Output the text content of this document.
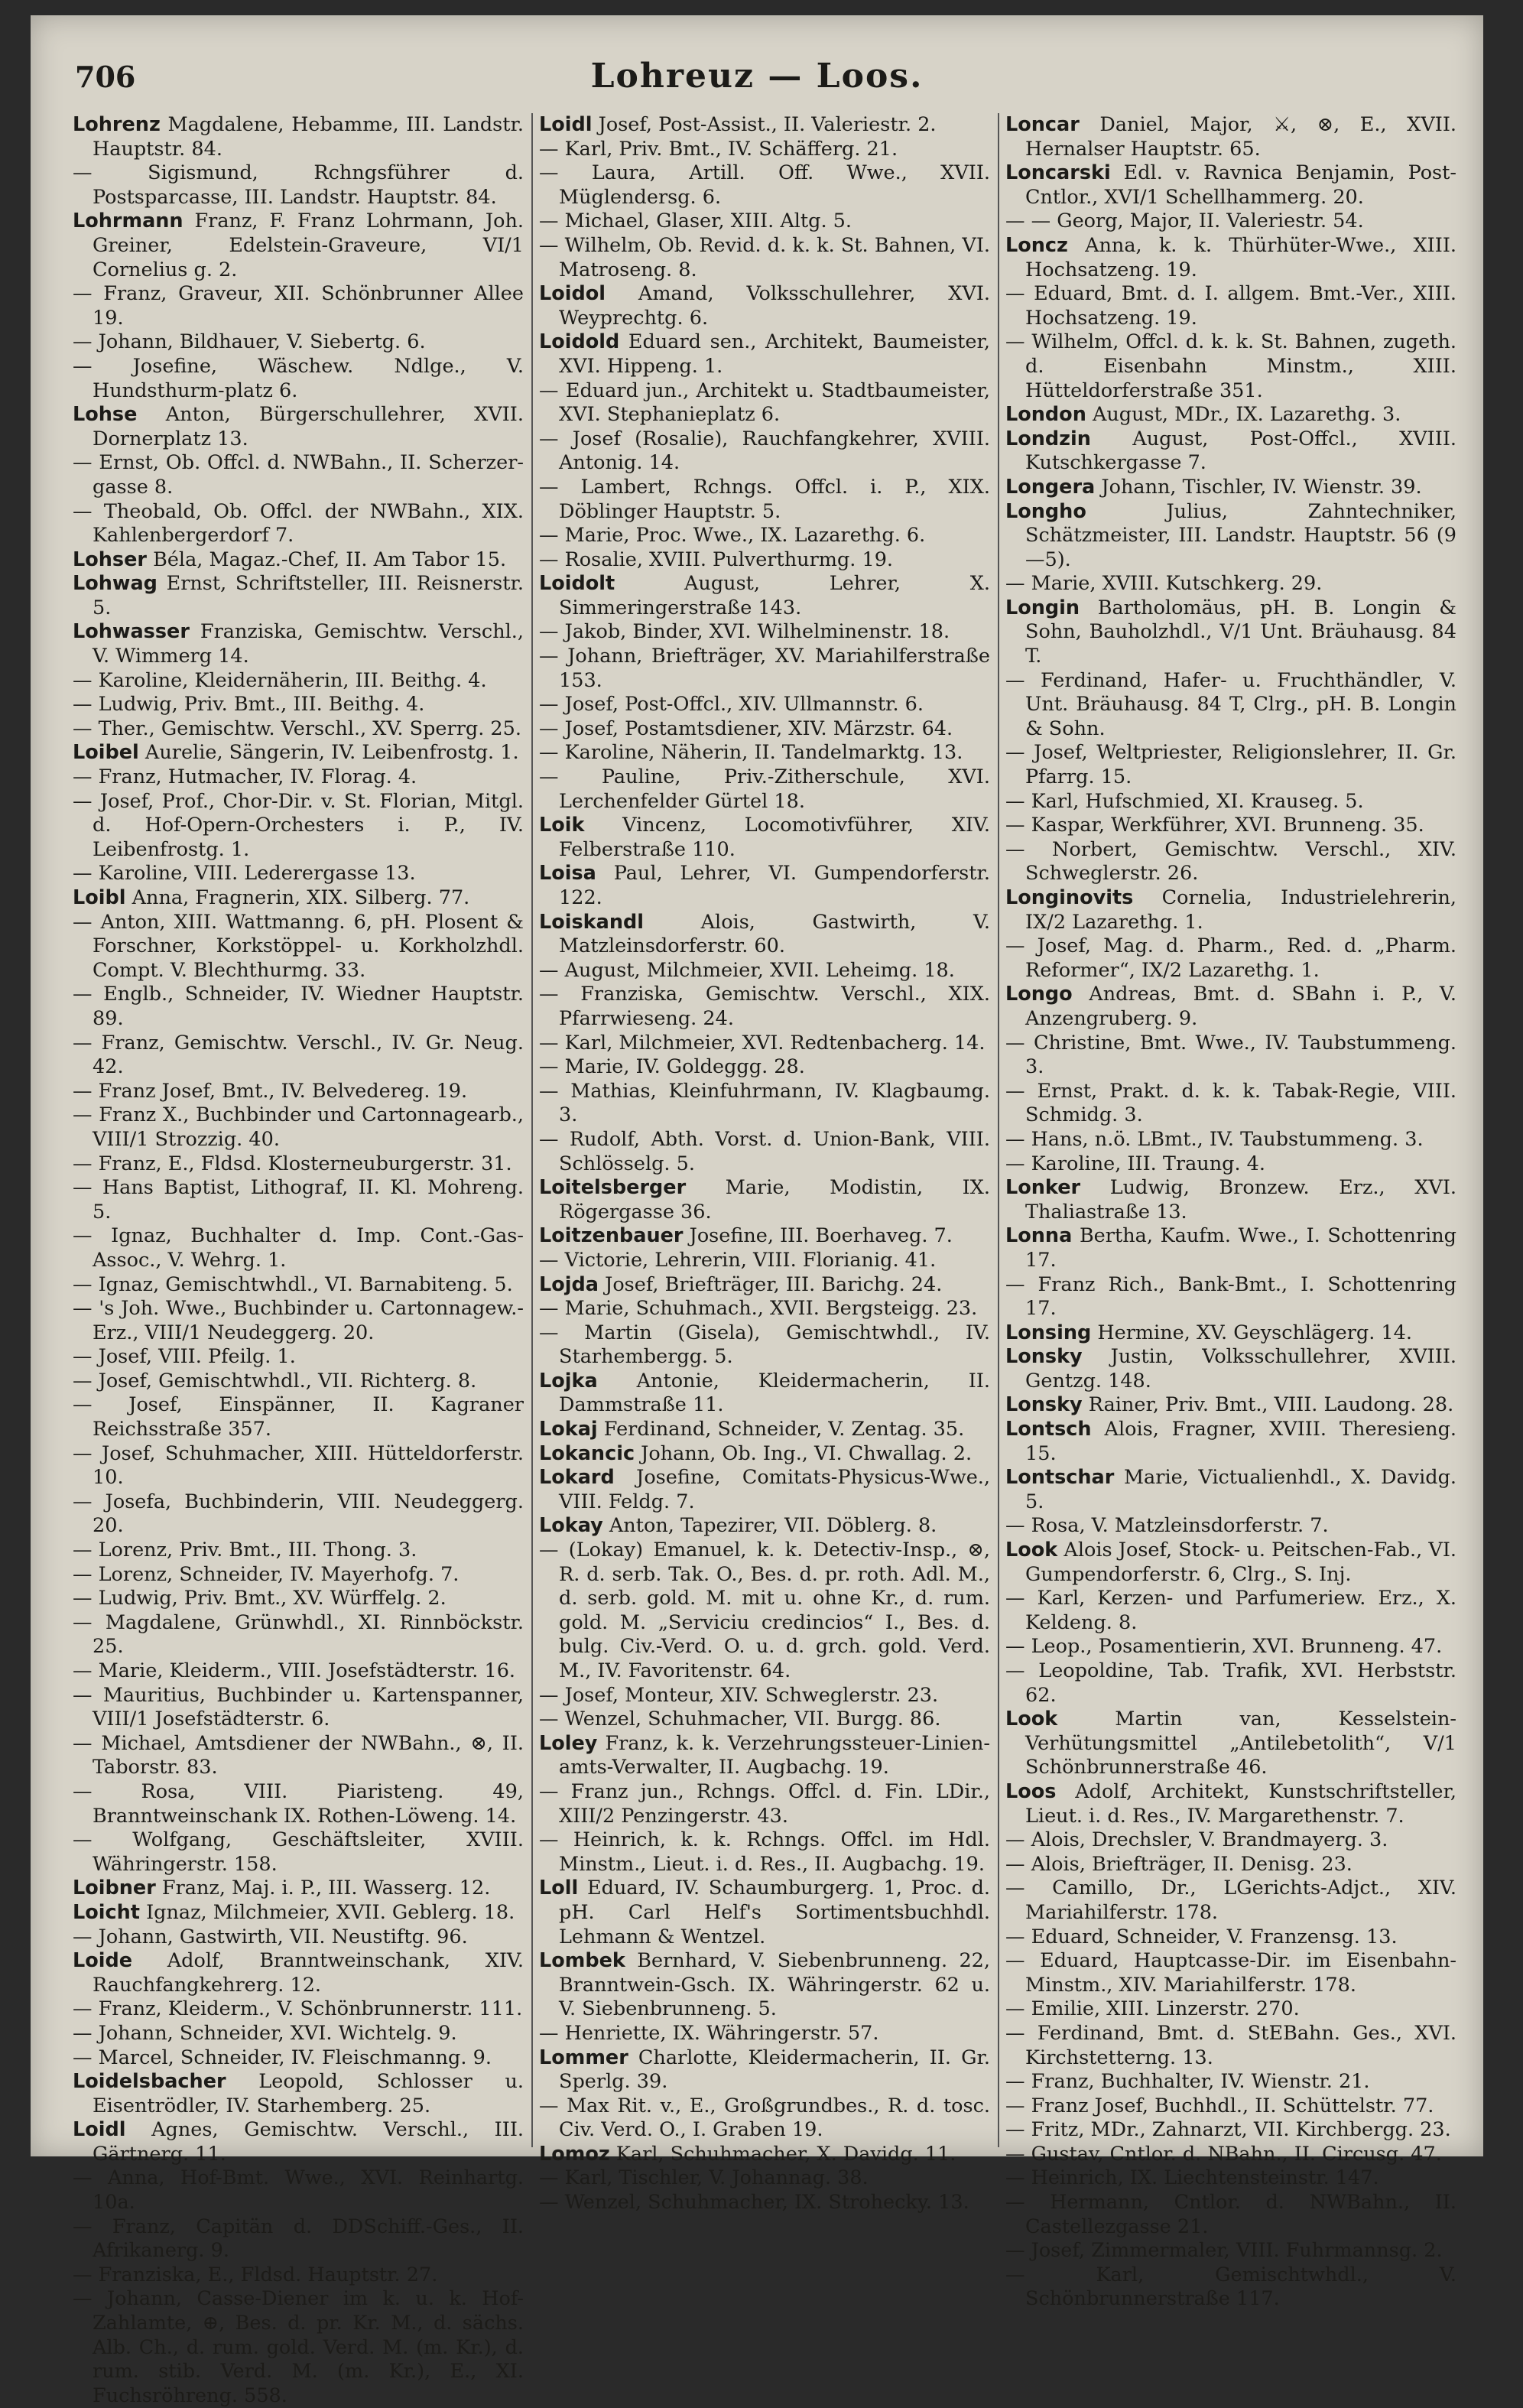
706	Lohreuz — Loos.
Lohrenz Magdalene, Hebamme, III. Landstr. Hauptstr. 84.
— Sigismund, Rchngsführer d. Postsparcasse, III. Landstr. Hauptstr. 84.
Lohrmann Franz, F. Franz Lohrmann, Joh. Greiner, Edelstein-Graveure, VI/1 Cornelius g. 2.
— Franz, Graveur, XII. Schönbrunner Allee 19.
— Johann, Bildhauer, V. Siebertg. 6.
— Josefine, Wäschew. Ndlge., V. Hundsthurm-platz 6.
Lohse Anton, Bürgerschullehrer, XVII. Dornerplatz 13.
— Ernst, Ob. Offcl. d. NWBahn., II. Scherzer-gasse 8.
— Theobald, Ob. Offcl. der NWBahn., XIX. Kahlenbergerdorf 7.
Lohser Béla, Magaz.-Chef, II. Am Tabor 15.
Lohwag Ernst, Schriftsteller, III. Reisnerstr. 5.
Lohwasser Franziska, Gemischtw. Verschl., V. Wimmerg 14.
— Karoline, Kleidernäherin, III. Beithg. 4.
— Ludwig, Priv. Bmt., III. Beithg. 4.
— Ther., Gemischtw. Verschl., XV. Sperrg. 25.
Loibel Aurelie, Sängerin, IV. Leibenfrostg. 1.
— Franz, Hutmacher, IV. Florag. 4.
— Josef, Prof., Chor-Dir. v. St. Florian, Mitgl. d. Hof-Opern-Orchesters i. P., IV. Leibenfrostg. 1.
— Karoline, VIII. Lederergasse 13.
Loibl Anna, Fragnerin, XIX. Silberg. 77.
— Anton, XIII. Wattmanng. 6, pH. Plosent & Forschner, Korkstöppel- u. Korkholzhdl. Compt. V. Blechthurmg. 33.
— Englb., Schneider, IV. Wiedner Hauptstr. 89.
— Franz, Gemischtw. Verschl., IV. Gr. Neug. 42.
— Franz Josef, Bmt., IV. Belvedereg. 19.
— Franz X., Buchbinder und Cartonnagearb., VIII/1 Strozzig. 40.
— Franz, E., Fldsd. Klosterneuburgerstr. 31.
— Hans Baptist, Lithograf, II. Kl. Mohreng. 5.
— Ignaz, Buchhalter d. Imp. Cont.-Gas-Assoc., V. Wehrg. 1.
— Ignaz, Gemischtwhdl., VI. Barnabiteng. 5.
— 's Joh. Wwe., Buchbinder u. Cartonnagew.-Erz., VIII/1 Neudeggerg. 20.
— Josef, VIII. Pfeilg. 1.
— Josef, Gemischtwhdl., VII. Richterg. 8.
— Josef, Einspänner, II. Kagraner Reichsstraße 357.
— Josef, Schuhmacher, XIII. Hütteldorferstr. 10.
— Josefa, Buchbinderin, VIII. Neudeggerg. 20.
— Lorenz, Priv. Bmt., III. Thong. 3.
— Lorenz, Schneider, IV. Mayerhofg. 7.
— Ludwig, Priv. Bmt., XV. Würffelg. 2.
— Magdalene, Grünwhdl., XI. Rinnböckstr. 25.
— Marie, Kleiderm., VIII. Josefstädterstr. 16.
— Mauritius, Buchbinder u. Kartenspanner, VIII/1 Josefstädterstr. 6.
— Michael, Amtsdiener der NWBahn., ⊗, II. Taborstr. 83.
— Rosa, VIII. Piaristeng. 49, Branntweinschank IX. Rothen-Löweng. 14.
— Wolfgang, Geschäftsleiter, XVIII. Währingerstr. 158.
Loibner Franz, Maj. i. P., III. Wasserg. 12.
Loicht Ignaz, Milchmeier, XVII. Geblerg. 18.
— Johann, Gastwirth, VII. Neustiftg. 96.
Loide Adolf, Branntweinschank, XIV. Rauchfangkehrerg. 12.
— Franz, Kleiderm., V. Schönbrunnerstr. 111.
— Johann, Schneider, XVI. Wichtelg. 9.
— Marcel, Schneider, IV. Fleischmanng. 9.
Loidelsbacher Leopold, Schlosser u. Eisentrödler, IV. Starhemberg. 25.
Loidl Agnes, Gemischtw. Verschl., III. Gärtnerg. 11.
— Anna, Hof-Bmt. Wwe., XVI. Reinhartg. 10a.
— Franz, Capitän d. DDSchiff.-Ges., II. Afrikanerg. 9.
— Franziska, E., Fldsd. Hauptstr. 27.
— Johann, Casse-Diener im k. u. k. Hof-Zahlamte, ⊕, Bes. d. pr. Kr. M., d. sächs. Alb. Ch., d. rum. gold. Verd. M. (m. Kr.), d. rum. stib. Verd. M. (m. Kr.), E., XI. Fuchsröhreng. 558.
Loidl Josef, Post-Assist., II. Valeriestr. 2.
— Karl, Priv. Bmt., IV. Schäfferg. 21.
— Laura, Artill. Off. Wwe., XVII. Müglendersg. 6.
— Michael, Glaser, XIII. Altg. 5.
— Wilhelm, Ob. Revid. d. k. k. St. Bahnen, VI. Matroseng. 8.
Loidol Amand, Volksschullehrer, XVI. Weyprechtg. 6.
Loidold Eduard sen., Architekt, Baumeister, XVI. Hippeng. 1.
— Eduard jun., Architekt u. Stadtbaumeister, XVI. Stephanieplatz 6.
— Josef (Rosalie), Rauchfangkehrer, XVIII. Antonig. 14.
— Lambert, Rchngs. Offcl. i. P., XIX. Döblinger Hauptstr. 5.
— Marie, Proc. Wwe., IX. Lazarethg. 6.
— Rosalie, XVIII. Pulverthurmg. 19.
Loidolt	August, Lehrer, X. Simmeringerstraße 143.
— Jakob, Binder, XVI. Wilhelminenstr. 18.
— Johann, Briefträger, XV. Mariahilferstraße 153.
— Josef, Post-Offcl., XIV. Ullmannstr. 6.
— Josef, Postamtsdiener, XIV. Märzstr. 64.
— Karoline, Näherin, II. Tandelmarktg. 13.
— Pauline, Priv.-Zitherschule, XVI. Lerchenfelder Gürtel 18.
Loik Vincenz, Locomotivführer, XIV. Felberstraße 110.
Loisa Paul, Lehrer, VI. Gumpendorferstr. 122.
Loiskandl	Alois, Gastwirth, V. Matzleinsdorferstr. 60.
— August, Milchmeier, XVII. Leheimg. 18.
— Franziska, Gemischtw. Verschl., XIX. Pfarrwieseng. 24.
— Karl, Milchmeier, XVI. Redtenbacherg. 14.
— Marie, IV. Goldeggg. 28.
— Mathias, Kleinfuhrmann, IV. Klagbaumg. 3.
— Rudolf, Abth. Vorst. d. Union-Bank, VIII. Schlösselg. 5.
Loitelsberger Marie, Modistin, IX. Rögergasse 36.
Loitzenbauer Josefine, III. Boerhaveg. 7.
— Victorie, Lehrerin, VIII. Florianig. 41.
Lojda Josef, Briefträger, III. Barichg. 24.
— Marie, Schuhmach., XVII. Bergsteigg. 23.
— Martin (Gisela), Gemischtwhdl., IV. Starhembergg. 5.
Lojka Antonie, Kleidermacherin, II. Dammstraße 11.
Lokaj Ferdinand, Schneider, V. Zentag. 35.
Lokancic Johann, Ob. Ing., VI. Chwallag. 2.
Lokard Josefine, Comitats-Physicus-Wwe., VIII. Feldg. 7.
Lokay Anton, Tapezirer, VII. Döblerg. 8.
— (Lokay) Emanuel, k. k. Detectiv-Insp., ⊗, R. d. serb. Tak. O., Bes. d. pr. roth. Adl. M., d. serb. gold. M. mit u. ohne Kr., d. rum. gold. M. „Serviciu credincios“ I., Bes. d. bulg. Civ.-Verd. O. u. d. grch. gold. Verd. M., IV. Favoritenstr. 64.
— Josef, Monteur, XIV. Schweglerstr. 23.
— Wenzel, Schuhmacher, VII. Burgg. 86.
Loley Franz, k. k. Verzehrungssteuer-Linien-amts-Verwalter, II. Augbachg. 19.
— Franz jun., Rchngs. Offcl. d. Fin. LDir., XIII/2 Penzingerstr. 43.
— Heinrich, k. k. Rchngs. Offcl. im Hdl. Minstm., Lieut. i. d. Res., II. Augbachg. 19.
Loll Eduard, IV. Schaumburgerg. 1, Proc. d. pH. Carl Helf's Sortimentsbuchhdl. Lehmann & Wentzel.
Lombek Bernhard, V. Siebenbrunneng. 22, Branntwein-Gsch. IX. Währingerstr. 62 u. V. Siebenbrunneng. 5.
— Henriette, IX. Währingerstr. 57.
Lommer Charlotte, Kleidermacherin, II. Gr. Sperlg. 39.
— Max Rit. v., E., Großgrundbes., R. d. tosc. Civ. Verd. O., I. Graben 19.
Lomoz Karl, Schuhmacher, X. Davidg. 11.
— Karl, Tischler, V. Johannag. 38.
— Wenzel, Schuhmacher, IX. Strohecky. 13.
Loncar Daniel, Major, ⚔, ⊗, E., XVII. Hernalser Hauptstr. 65.
Loncarski Edl. v. Ravnica Benjamin, Post-Cntlor., XVI/1 Schellhammerg. 20.
— — Georg, Major, II. Valeriestr. 54.
Loncz Anna, k. k. Thürhüter-Wwe., XIII. Hochsatzeng. 19.
— Eduard, Bmt. d. I. allgem. Bmt.-Ver., XIII. Hochsatzeng. 19.
— Wilhelm, Offcl. d. k. k. St. Bahnen, zugeth. d. Eisenbahn Minstm., XIII. Hütteldorferstraße 351.
London August, MDr., IX. Lazarethg. 3.
Londzin August, Post-Offcl., XVIII. Kutschkergasse 7.
Longera Johann, Tischler, IV. Wienstr. 39.
Longho	Julius, Zahntechniker, Schätzmeister, III. Landstr. Hauptstr. 56 (9—5).
— Marie, XVIII. Kutschkerg. 29.
Longin Bartholomäus, pH. B. Longin & Sohn, Bauholzhdl., V/1 Unt. Bräuhausg. 84 T.
— Ferdinand, Hafer- u. Fruchthändler, V. Unt. Bräuhausg. 84 T, Clrg., pH. B. Longin & Sohn.
— Josef, Weltpriester, Religionslehrer, II. Gr. Pfarrg. 15.
— Karl, Hufschmied, XI. Krauseg. 5.
— Kaspar, Werkführer, XVI. Brunneng. 35.
— Norbert, Gemischtw. Verschl., XIV. Schweglerstr. 26.
Longinovits Cornelia, Industrielehrerin, IX/2 Lazarethg. 1.
— Josef, Mag. d. Pharm., Red. d. „Pharm. Reformer“, IX/2 Lazarethg. 1.
Longo Andreas, Bmt. d. SBahn i. P., V. Anzengruberg. 9.
— Christine, Bmt. Wwe., IV. Taubstummeng. 3.
— Ernst, Prakt. d. k. k. Tabak-Regie, VIII. Schmidg. 3.
— Hans, n.ö. LBmt., IV. Taubstummeng. 3.
— Karoline, III. Traung. 4.
Lonker Ludwig, Bronzew. Erz., XVI. Thaliastraße 13.
Lonna Bertha, Kaufm. Wwe., I. Schottenring 17.
— Franz Rich., Bank-Bmt., I. Schottenring 17.
Lonsing Hermine, XV. Geyschlägerg. 14.
Lonsky Justin, Volksschullehrer, XVIII. Gentzg. 148.
Lonsky Rainer, Priv. Bmt., VIII. Laudong. 28.
Lontsch Alois, Fragner, XVIII. Theresieng. 15.
Lontschar Marie, Victualienhdl., X. Davidg. 5.
— Rosa, V. Matzleinsdorferstr. 7.
Look Alois Josef, Stock- u. Peitschen-Fab., VI. Gumpendorferstr. 6, Clrg., S. Inj.
— Karl, Kerzen- und Parfumeriew. Erz., X. Keldeng. 8.
— Leop., Posamentierin, XVI. Brunneng. 47.
— Leopoldine, Tab. Trafik, XVI. Herbststr. 62.
Look	Martin van, Kesselstein-Verhütungsmittel „Antilebetolith“, V/1 Schönbrunnerstraße 46.
Loos Adolf, Architekt, Kunstschriftsteller, Lieut. i. d. Res., IV. Margarethenstr. 7.
— Alois, Drechsler, V. Brandmayerg. 3.
— Alois, Briefträger, II. Denisg. 23.
— Camillo, Dr., LGerichts-Adjct., XIV. Mariahilferstr. 178.
— Eduard, Schneider, V. Franzensg. 13.
— Eduard, Hauptcasse-Dir. im Eisenbahn-Minstm., XIV. Mariahilferstr. 178.
— Emilie, XIII. Linzerstr. 270.
— Ferdinand, Bmt. d. StEBahn. Ges., XVI. Kirchstetterng. 13.
— Franz, Buchhalter, IV. Wienstr. 21.
— Franz Josef, Buchhdl., II. Schüttelstr. 77.
— Fritz, MDr., Zahnarzt, VII. Kirchbergg. 23.
— Gustav, Cntlor. d. NBahn., II. Circusg. 47.
— Heinrich, IX. Liechtensteinstr. 147.
— Hermann, Cntlor. d. NWBahn., II. Castellezgasse 21.
— Josef, Zimmermaler, VIII. Fuhrmannsg. 2.
— Karl, Gemischtwhdl., V. Schönbrunnerstraße 117.
